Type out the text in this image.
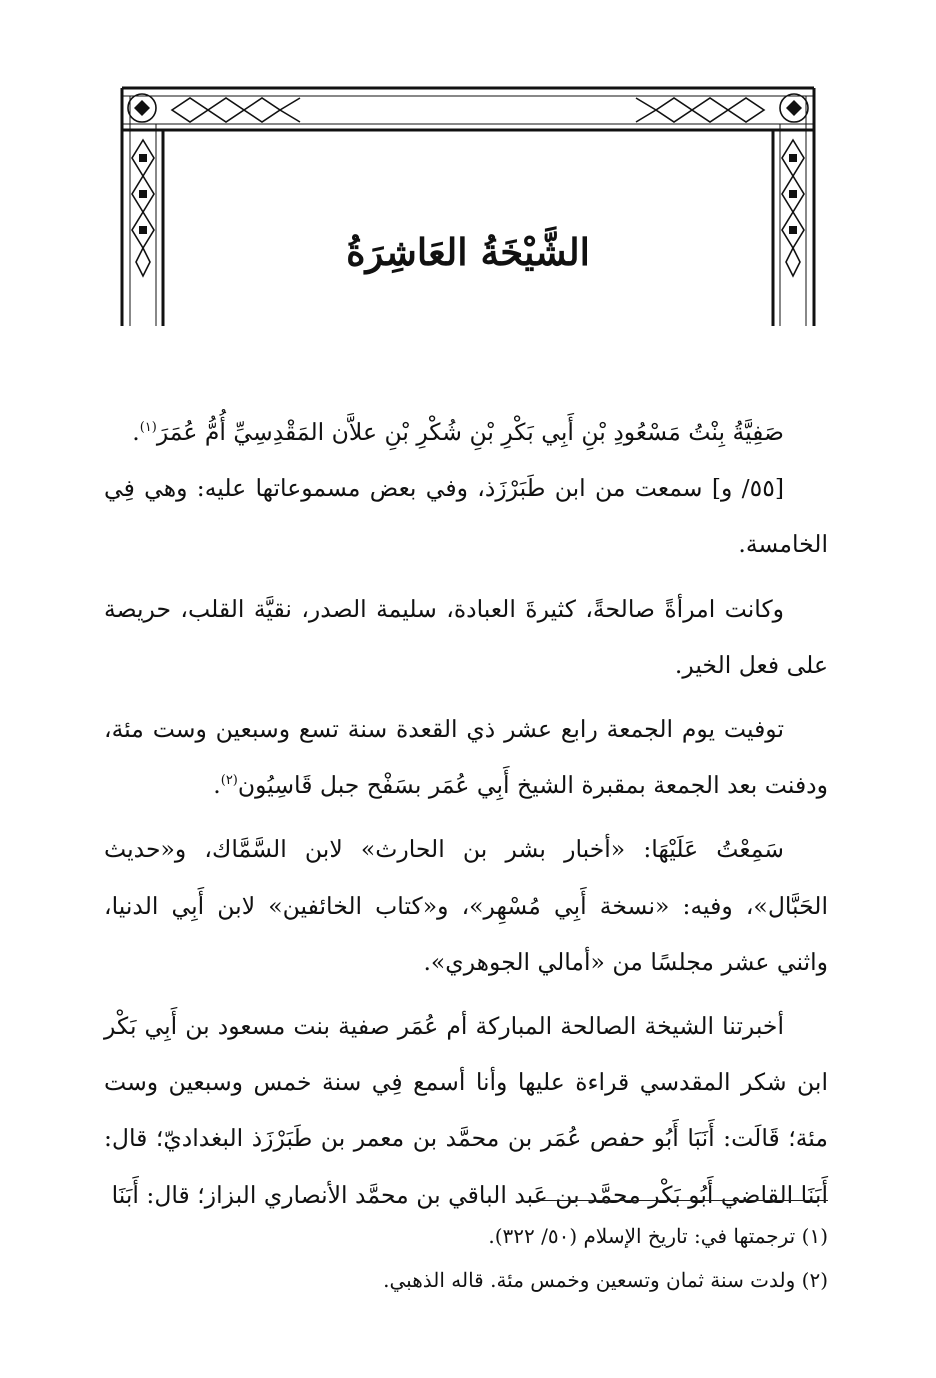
الشَّيْخَةُ العَاشِرَةُ

صَفِيَّةُ بِنْتُ مَسْعُودِ بْنِ أَبِي بَكْرِ بْنِ شُكْرِ بْنِ علاَّن المَقْدِسِيِّ أُمُّ عُمَرَ$^{(١)}$.

[٥٥/ و] سمعت من ابن طَبَرْزَذ، وفي بعض مسموعاتها عليه: وهي فِي الخامسة.

وكانت امرأةً صالحةً، كثيرةَ العبادة، سليمة الصدر، نقيَّة القلب، حريصة على فعل الخير.

توفيت يوم الجمعة رابع عشر ذي القعدة سنة تسع وسبعين وست مئة، ودفنت بعد الجمعة بمقبرة الشيخ أَبِي عُمَر بسَفْح جبل قَاسِيُون$^{(٢)}$.

سَمِعْتُ عَلَيْهَا: «أخبار بشر بن الحارث» لابن السَّمَّاك، و«حديث الحَبَّال»، وفيه: «نسخة أَبِي مُسْهِر»، و«كتاب الخائفين» لابن أَبِي الدنيا، واثني عشر مجلسًا من «أمالي الجوهري».

أخبرتنا الشيخة الصالحة المباركة أم عُمَر صفية بنت مسعود بن أَبِي بَكْر ابن شكر المقدسي قراءة عليها وأنا أسمع فِي سنة خمس وسبعين وست مئة؛ قَالَت: أَنَبَا أَبُو حفص عُمَر بن محمَّد بن معمر بن طَبَرْزَذ البغداديّ؛ قال: أَبَنَا القاضي أَبُو بَكْر محمَّد بن عَبد الباقي بن محمَّد الأنصاري البزاز؛ قال: أَبَنَا

(١) ترجمتها في: تاريخ الإسلام (٥٠/ ٣٢٢).
(٢) ولدت سنة ثمان وتسعين وخمس مئة. قاله الذهبي.
